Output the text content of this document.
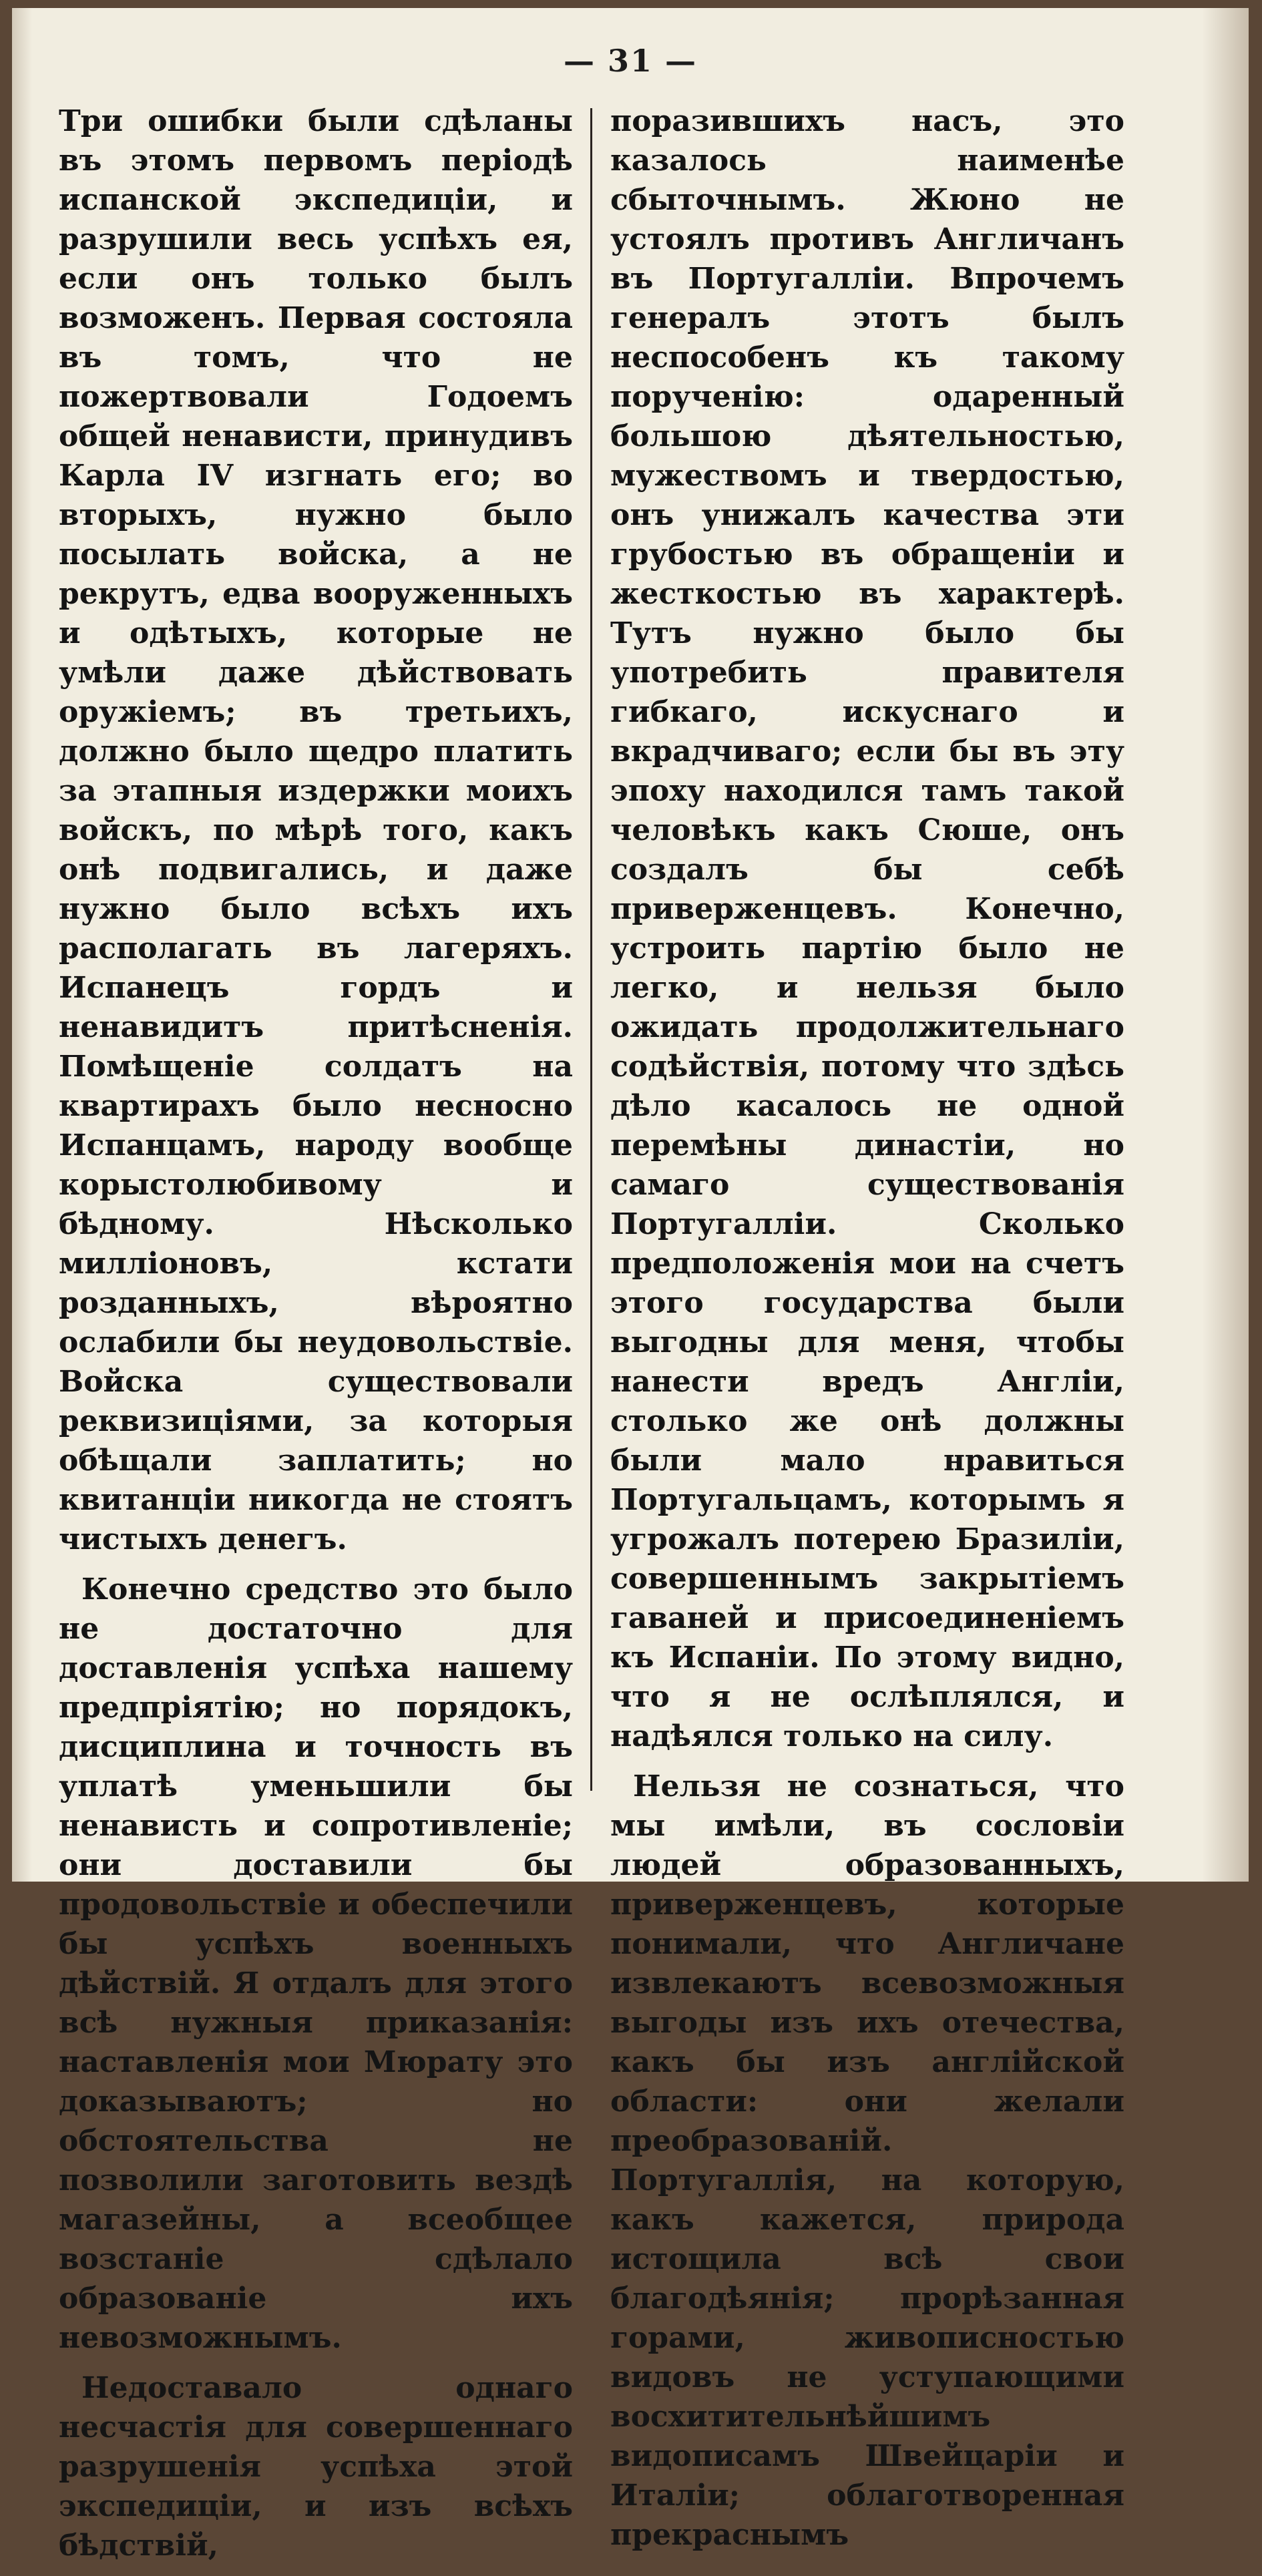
— 31 —

Три ошибки были сдѣланы въ этомъ первомъ періодѣ испанской экспедиціи, и разрушили весь успѣхъ ея, если онъ только былъ возможенъ. Первая состояла въ томъ, что не пожертвовали Годоемъ общей ненависти, принудивъ Карла IV изгнать его; во вторыхъ, нужно было посылать войска, а не рекрутъ, едва вооруженныхъ и одѣтыхъ, которые не умѣли даже дѣйствовать оружіемъ; въ третьихъ, должно было щедро платить за этапныя издержки моихъ войскъ, по мѣрѣ того, какъ онѣ подвигались, и даже нужно было всѣхъ ихъ располагать въ лагеряхъ. Испанецъ гордъ и ненавидитъ притѣсненія. Помѣщеніе солдатъ на квартирахъ было несносно Испанцамъ, народу вообще корыстолюбивому и бѣдному. Нѣсколько милліоновъ, кстати розданныхъ, вѣроятно ослабили бы неудовольствіе. Войска существовали реквизиціями, за которыя обѣщали заплатить; но квитанціи никогда не стоятъ чистыхъ денегъ.

Конечно средство это было не достаточно для доставленія успѣха нашему предпріятію; но порядокъ, дисциплина и точность въ уплатѣ уменьшили бы ненависть и сопротивленіе; они доставили бы продовольствіе и обеспечили бы успѣхъ военныхъ дѣйствій. Я отдалъ для этого всѣ нужныя приказанія: наставленія мои Мюрату это доказываютъ; но обстоятельства не позволили заготовить вездѣ магазейны, а всеобщее возстаніе сдѣлало образованіе ихъ невозможнымъ.

Недоставало однаго несчастія для совершеннаго разрушенія успѣха этой экспедиціи, и изъ всѣхъ бѣдствій,

поразившихъ насъ, это казалось наименѣе сбыточнымъ. Жюно не устоялъ противъ Англичанъ въ Португалліи. Впрочемъ генералъ этотъ былъ неспособенъ къ такому порученію: одаренный большою дѣятельностью, мужествомъ и твердостью, онъ унижалъ качества эти грубостью въ обращеніи и жесткостью въ характерѣ. Тутъ нужно было бы употребить правителя гибкаго, искуснаго и вкрадчиваго; если бы въ эту эпоху находился тамъ такой человѣкъ какъ Сюше, онъ создалъ бы себѣ приверженцевъ. Конечно, устроить партію было не легко, и нельзя было ожидать продолжительнаго содѣйствія, потому что здѣсь дѣло касалось не одной перемѣны династіи, но самаго существованія Португалліи. Сколько предположенія мои на счетъ этого государства были выгодны для меня, чтобы нанести вредъ Англіи, столько же онѣ должны были мало нравиться Португальцамъ, которымъ я угрожалъ потерею Бразиліи, совершеннымъ закрытіемъ гаваней и присоединеніемъ къ Испаніи. По этому видно, что я не ослѣплялся, и надѣялся только на силу.

Нельзя не сознаться, что мы имѣли, въ сословіи людей образованныхъ, приверженцевъ, которые понимали, что Англичане извлекаютъ всевозможныя выгоды изъ ихъ отечества, какъ бы изъ англійской области: они желали преобразованій. Португаллія, на которую, какъ кажется, природа истощила всѣ свои благодѣянія; прорѣзанная горами, живописностью видовъ не уступающими восхитительнѣйшимъ видописамъ Швейцаріи и Италіи; облаготворенная прекраснымъ
